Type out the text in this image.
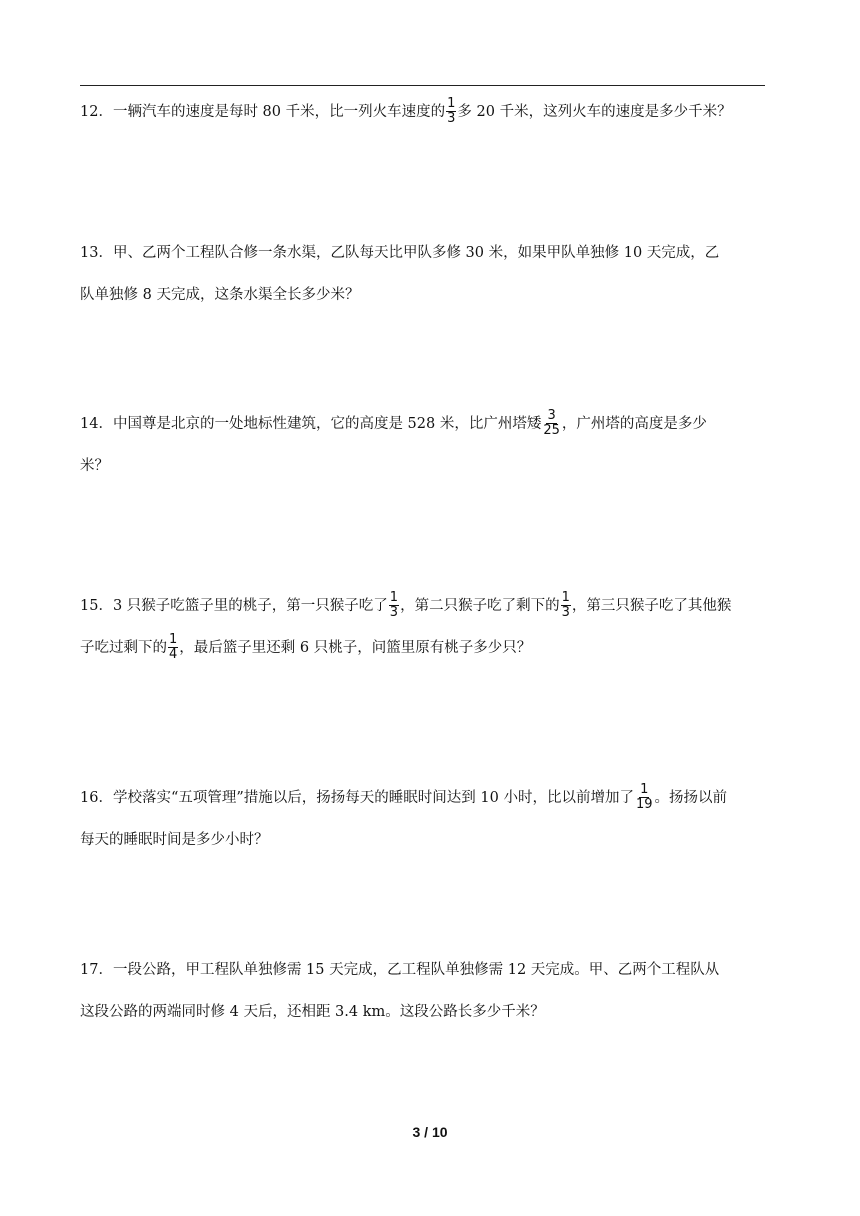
12．一辆汽车的速度是每时 80 千米，比一列火车速度的 $\frac{1}{3}$ 多 20 千米，这列火车的速度是多少千米？
13．甲、乙两个工程队合修一条水渠，乙队每天比甲队多修 30 米，如果甲队单独修 10 天完成，乙
队单独修 8 天完成，这条水渠全长多少米？
14．中国尊是北京的一处地标性建筑，它的高度是 528 米，比广州塔矮 $\frac{3}{25}$ ，广州塔的高度是多少
米？
15．3 只猴子吃篮子里的桃子，第一只猴子吃了 $\frac{1}{3}$ ，第二只猴子吃了剩下的 $\frac{1}{3}$ ，第三只猴子吃了其他猴
子吃过剩下的 $\frac{1}{4}$ ，最后篮子里还剩 6 只桃子，问篮里原有桃子多少只？
16．学校落实“五项管理”措施以后，扬扬每天的睡眠时间达到 10 小时，比以前增加了 $\frac{1}{19}$ 。扬扬以前
每天的睡眠时间是多少小时？
17．一段公路，甲工程队单独修需 15 天完成，乙工程队单独修需 12 天完成。甲、乙两个工程队从
这段公路的两端同时修 4 天后，还相距 3.4 km。这段公路长多少千米？
3 / 10
